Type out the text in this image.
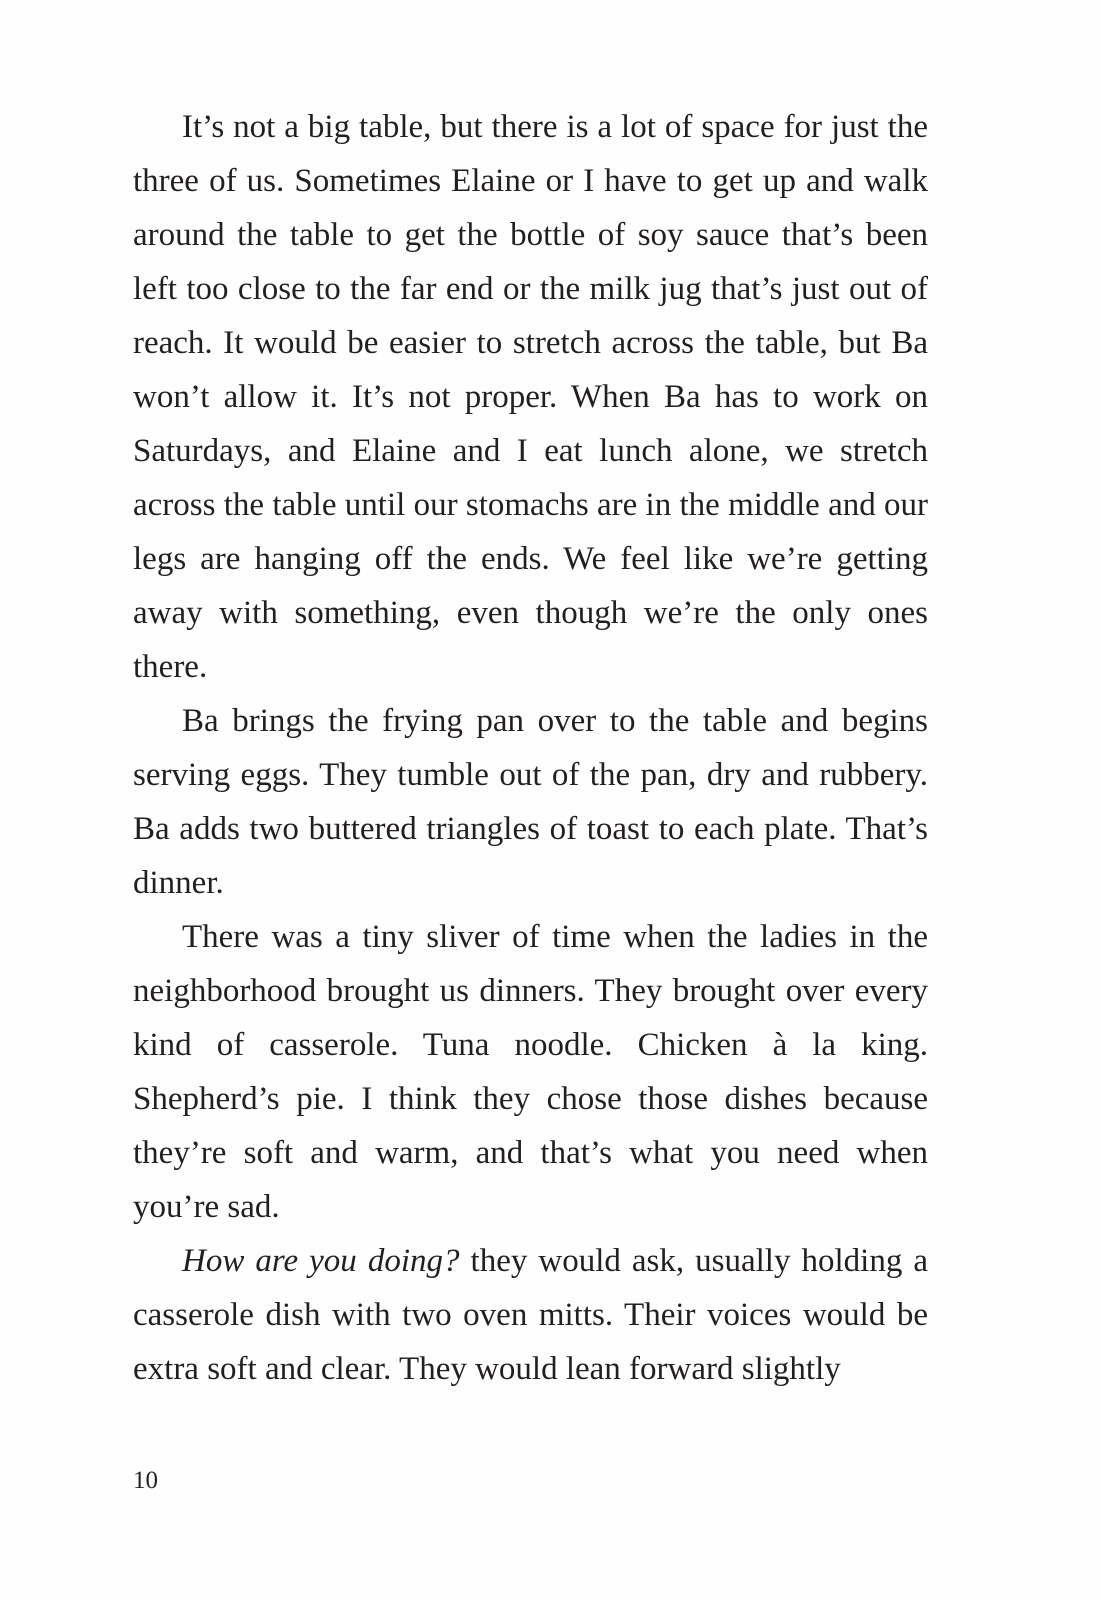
It’s not a big table, but there is a lot of space for just the three of us. Sometimes Elaine or I have to get up and walk around the table to get the bottle of soy sauce that’s been left too close to the far end or the milk jug that’s just out of reach. It would be easier to stretch across the table, but Ba won’t allow it. It’s not proper. When Ba has to work on Saturdays, and Elaine and I eat lunch alone, we stretch across the table until our stomachs are in the middle and our legs are hanging off the ends. We feel like we’re getting away with something, even though we’re the only ones there.

Ba brings the frying pan over to the table and begins serving eggs. They tumble out of the pan, dry and rubbery. Ba adds two buttered triangles of toast to each plate. That’s dinner.

There was a tiny sliver of time when the ladies in the neighborhood brought us dinners. They brought over every kind of casserole. Tuna noodle. Chicken à la king. Shepherd’s pie. I think they chose those dishes because they’re soft and warm, and that’s what you need when you’re sad.

How are you doing? they would ask, usually holding a casserole dish with two oven mitts. Their voices would be extra soft and clear. They would lean forward slightly

10
